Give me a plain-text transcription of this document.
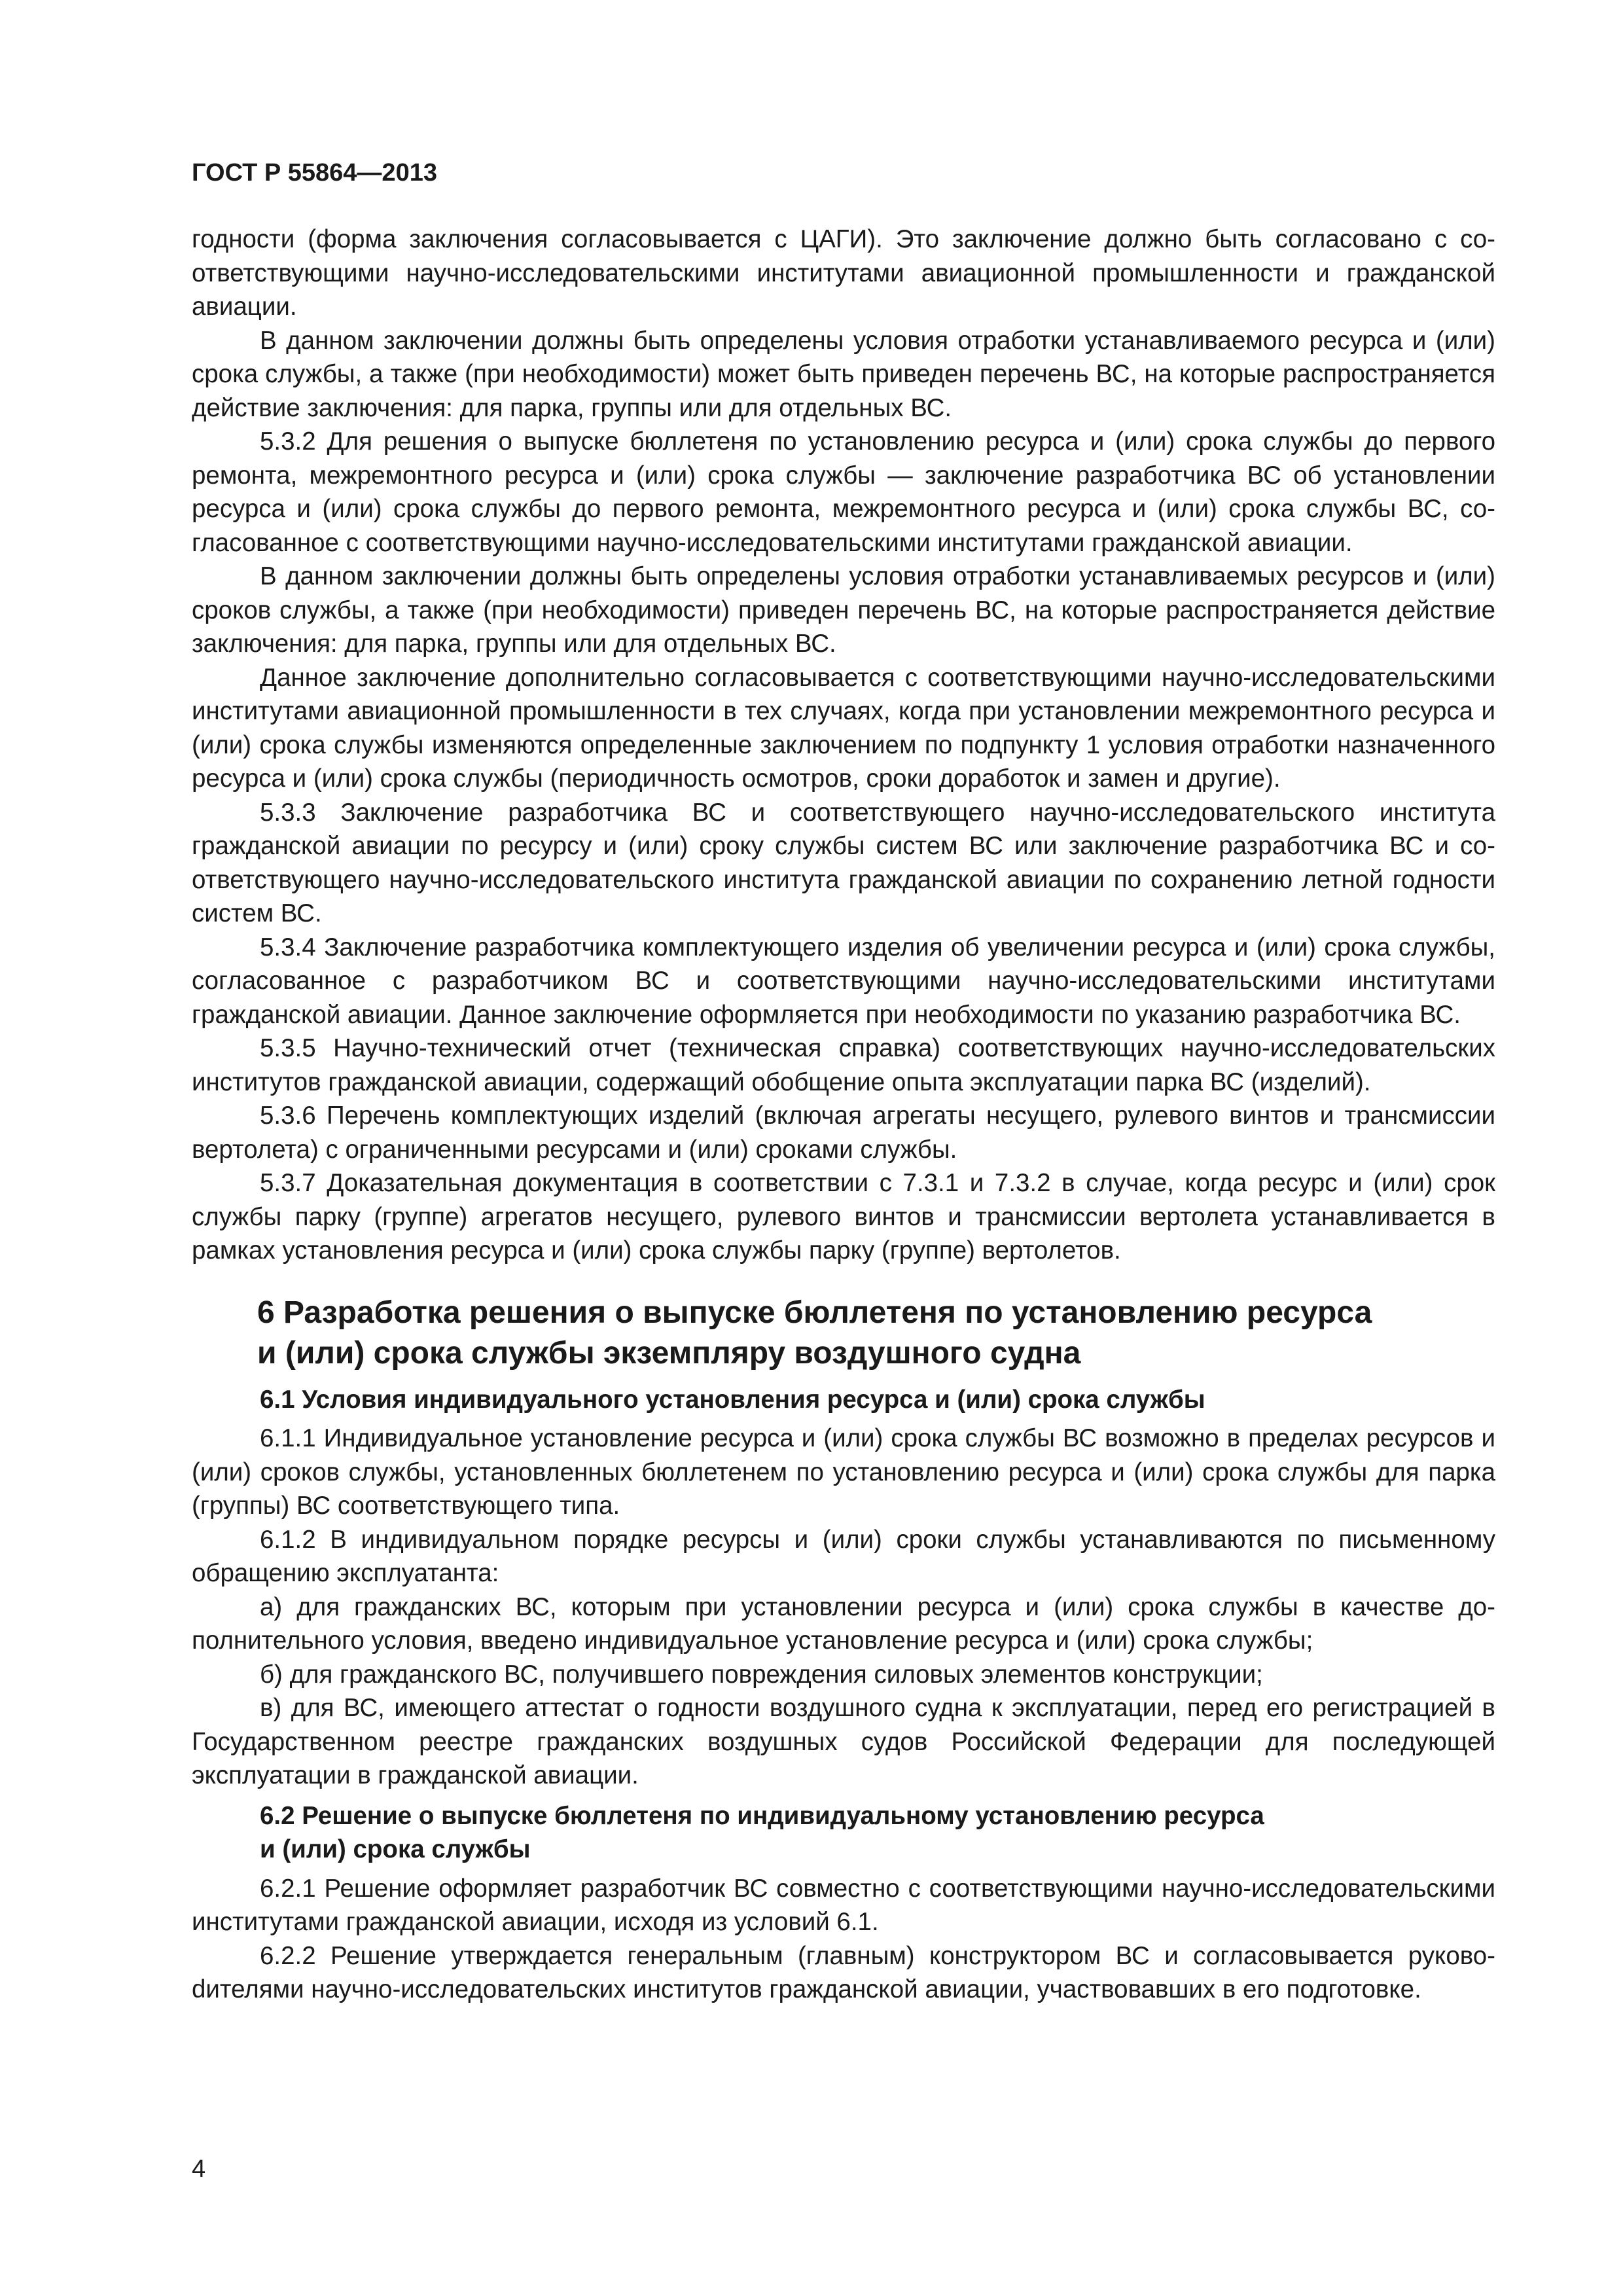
ГОСТ Р 55864—2013

годности (форма заключения согласовывается с ЦАГИ). Это заключение должно быть согласовано с соответствующими научно-исследовательскими институтами авиационной промышленности и гражданской авиации.

В данном заключении должны быть определены условия отработки устанавливаемого ресурса и (или) срока службы, а также (при необходимости) может быть приведен перечень ВС, на которые распространяется действие заключения: для парка, группы или для отдельных ВС.

5.3.2 Для решения о выпуске бюллетеня по установлению ресурса и (или) срока службы до первого ремонта, межремонтного ресурса и (или) срока службы — заключение разработчика ВС об установлении ресурса и (или) срока службы до первого ремонта, межремонтного ресурса и (или) срока службы ВС, согласованное с соответствующими научно-исследовательскими институтами гражданской авиации.

В данном заключении должны быть определены условия отработки устанавливаемых ресурсов и (или) сроков службы, а также (при необходимости) приведен перечень ВС, на которые распространяется действие заключения: для парка, группы или для отдельных ВС.

Данное заключение дополнительно согласовывается с соответствующими научно-исследовательскими институтами авиационной промышленности в тех случаях, когда при установлении межремонтного ресурса и (или) срока службы изменяются определенные заключением по подпункту 1 условия отработки назначенного ресурса и (или) срока службы (периодичность осмотров, сроки доработок и замен и другие).

5.3.3 Заключение разработчика ВС и соответствующего научно-исследовательского института гражданской авиации по ресурсу и (или) сроку службы систем ВС или заключение разработчика ВС и соответствующего научно-исследовательского института гражданской авиации по сохранению летной годности систем ВС.

5.3.4 Заключение разработчика комплектующего изделия об увеличении ресурса и (или) срока службы, согласованное с разработчиком ВС и соответствующими научно-исследовательскими институтами гражданской авиации. Данное заключение оформляется при необходимости по указанию разработчика ВС.

5.3.5 Научно-технический отчет (техническая справка) соответствующих научно-исследовательских институтов гражданской авиации, содержащий обобщение опыта эксплуатации парка ВС (изделий).

5.3.6 Перечень комплектующих изделий (включая агрегаты несущего, рулевого винтов и трансмиссии вертолета) с ограниченными ресурсами и (или) сроками службы.

5.3.7 Доказательная документация в соответствии с 7.3.1 и 7.3.2 в случае, когда ресурс и (или) срок службы парку (группе) агрегатов несущего, рулевого винтов и трансмиссии вертолета устанавливается в рамках установления ресурса и (или) срока службы парку (группе) вертолетов.

6 Разработка решения о выпуске бюллетеня по установлению ресурса
и (или) срока службы экземпляру воздушного судна
6.1 Условия индивидуального установления ресурса и (или) срока службы

6.1.1 Индивидуальное установление ресурса и (или) срока службы ВС возможно в пределах ресурсов и (или) сроков службы, установленных бюллетенем по установлению ресурса и (или) срока службы для парка (группы) ВС соответствующего типа.

6.1.2 В индивидуальном порядке ресурсы и (или) сроки службы устанавливаются по письменному обращению эксплуатанта:

а) для гражданских ВС, которым при установлении ресурса и (или) срока службы в качестве дополнительного условия, введено индивидуальное установление ресурса и (или) срока службы;

б) для гражданского ВС, получившего повреждения силовых элементов конструкции;

в) для ВС, имеющего аттестат о годности воздушного судна к эксплуатации, перед его регистрацией в Государственном реестре гражданских воздушных судов Российской Федерации для последующей эксплуатации в гражданской авиации.

6.2 Решение о выпуске бюллетеня по индивидуальному установлению ресурса
и (или) срока службы

6.2.1 Решение оформляет разработчик ВС совместно с соответствующими научно-исследовательскими институтами гражданской авиации, исходя из условий 6.1.

6.2.2 Решение утверждается генеральным (главным) конструктором ВС и согласовывается руковоdителями научно-исследовательских институтов гражданской авиации, участвовавших в его подготовке.

4
